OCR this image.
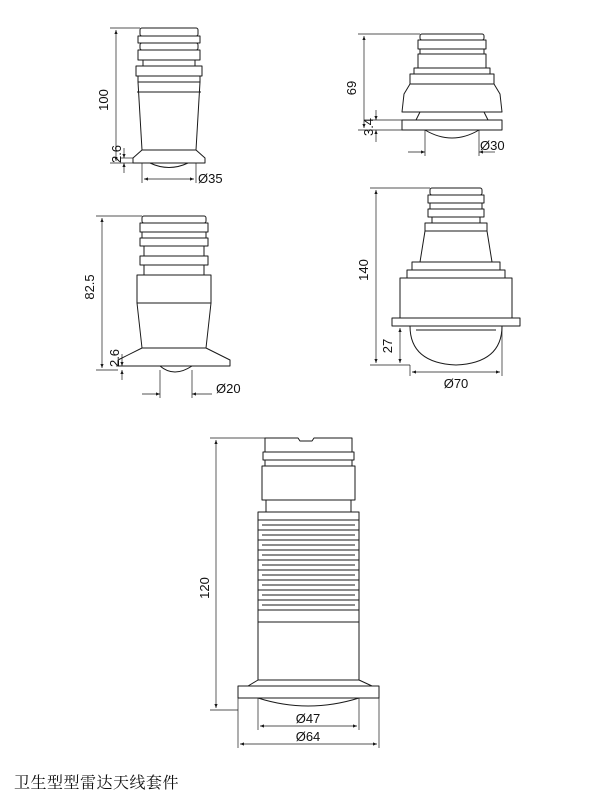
100
2.6
Ø35
69
3.4
Ø30
82.5
2.6
Ø20
140
27
Ø70
120
Ø47
Ø64
卫生型型雷达天线套件
